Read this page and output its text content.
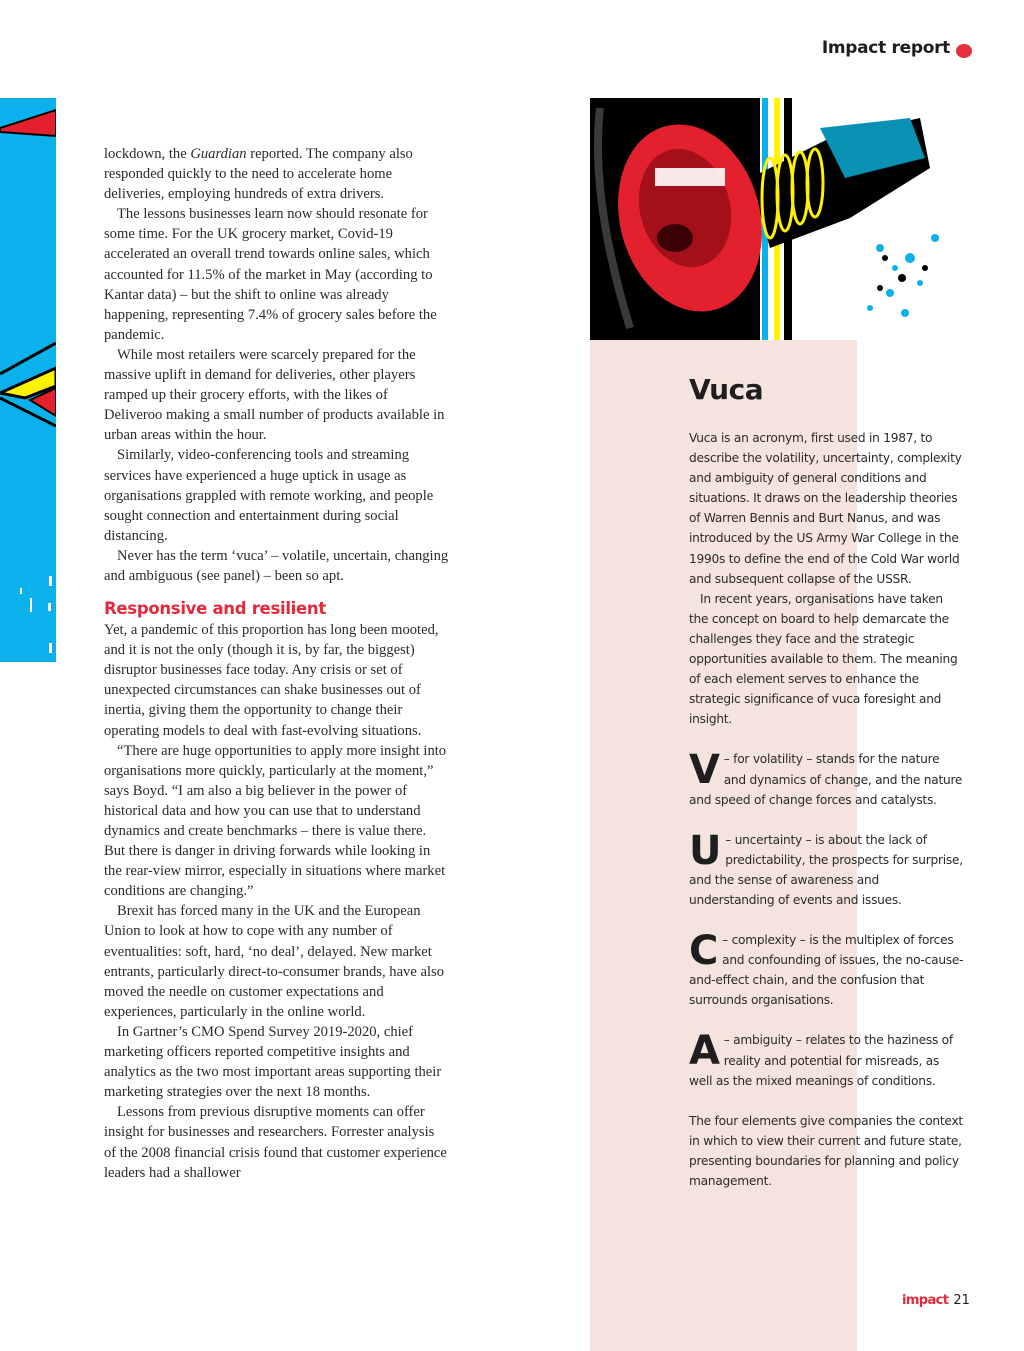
Impact report

lockdown, the Guardian reported. The company also responded quickly to the need to accelerate home deliveries, employing hundreds of extra drivers.

The lessons businesses learn now should resonate for some time. For the UK grocery market, Covid-19 accelerated an overall trend towards online sales, which accounted for 11.5% of the market in May (according to Kantar data) – but the shift to online was already happening, representing 7.4% of grocery sales before the pandemic.

While most retailers were scarcely prepared for the massive uplift in demand for deliveries, other players ramped up their grocery efforts, with the likes of Deliveroo making a small number of products available in urban areas within the hour.

Similarly, video-conferencing tools and streaming services have experienced a huge uptick in usage as organisations grappled with remote working, and people sought connection and entertainment during social distancing.

Never has the term ‘vuca’ – volatile, uncertain, changing and ambiguous (see panel) – been so apt.

Responsive and resilient

Yet, a pandemic of this proportion has long been mooted, and it is not the only (though it is, by far, the biggest) disruptor businesses face today. Any crisis or set of unexpected circumstances can shake businesses out of inertia, giving them the opportunity to change their operating models to deal with fast-evolving situations.

“There are huge opportunities to apply more insight into organisations more quickly, particularly at the moment,” says Boyd. “I am also a big believer in the power of historical data and how you can use that to understand dynamics and create benchmarks – there is value there. But there is danger in driving forwards while looking in the rear-view mirror, especially in situations where market conditions are changing.”

Brexit has forced many in the UK and the European Union to look at how to cope with any number of eventualities: soft, hard, ‘no deal’, delayed. New market entrants, particularly direct-to-consumer brands, have also moved the needle on customer expectations and experiences, particularly in the online world.

In Gartner’s CMO Spend Survey 2019-2020, chief marketing officers reported competitive insights and analytics as the two most important areas supporting their marketing strategies over the next 18 months.

Lessons from previous disruptive moments can offer insight for businesses and researchers. Forrester analysis of the 2008 financial crisis found that customer experience leaders had a shallower

Vuca

Vuca is an acronym, first used in 1987, to describe the volatility, uncertainty, complexity and ambiguity of general conditions and situations. It draws on the leadership theories of Warren Bennis and Burt Nanus, and was introduced by the US Army War College in the 1990s to define the end of the Cold War world and subsequent collapse of the USSR.

In recent years, organisations have taken the concept on board to help demarcate the challenges they face and the strategic opportunities available to them. The meaning of each element serves to enhance the strategic significance of vuca foresight and insight.

V – for volatility – stands for the nature and dynamics of change, and the nature and speed of change forces and catalysts.

U – uncertainty – is about the lack of predictability, the prospects for surprise, and the sense of awareness and understanding of events and issues.

C – complexity – is the multiplex of forces and confounding of issues, the no-cause-and-effect chain, and the confusion that surrounds organisations.

A – ambiguity – relates to the haziness of reality and potential for misreads, as well as the mixed meanings of conditions.

The four elements give companies the context in which to view their current and future state, presenting boundaries for planning and policy management.

impact 21
